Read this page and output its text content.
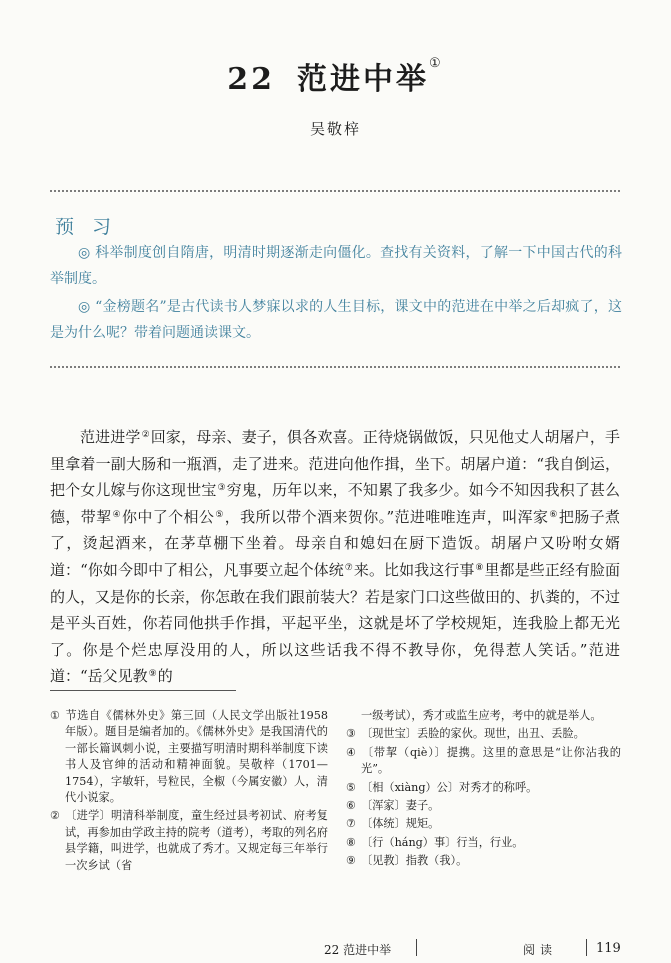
22 范进中举①
吴敬梓
预 习

◎ 科举制度创自隋唐，明清时期逐渐走向僵化。查找有关资料，了解一下中国古代的科举制度。

◎ “金榜题名”是古代读书人梦寐以求的人生目标，课文中的范进在中举之后却疯了，这是为什么呢？带着问题通读课文。

范进进学②回家，母亲、妻子，俱各欢喜。正待烧锅做饭，只见他丈人胡屠户，手里拿着一副大肠和一瓶酒，走了进来。范进向他作揖，坐下。胡屠户道：“我自倒运，把个女儿嫁与你这现世宝③穷鬼，历年以来，不知累了我多少。如今不知因我积了甚么德，带挈④你中了个相公⑤，我所以带个酒来贺你。”范进唯唯连声，叫浑家⑥把肠子煮了，烫起酒来，在茅草棚下坐着。母亲自和媳妇在厨下造饭。胡屠户又吩咐女婿道：“你如今即中了相公，凡事要立起个体统⑦来。比如我这行事⑧里都是些正经有脸面的人，又是你的长亲，你怎敢在我们跟前装大？若是家门口这些做田的、扒粪的，不过是平头百姓，你若同他拱手作揖，平起平坐，这就是坏了学校规矩，连我脸上都无光了。你是个烂忠厚没用的人，所以这些话我不得不教导你，免得惹人笑话。”范进道：“岳父见教⑨的

① 节选自《儒林外史》第三回（人民文学出版社1958年版）。题目是编者加的。《儒林外史》是我国清代的一部长篇讽刺小说，主要描写明清时期科举制度下读书人及官绅的活动和精神面貌。吴敬梓（1701—1754），字敏轩，号粒民，全椒（今属安徽）人，清代小说家。
② 〔进学〕明清科举制度，童生经过县考初试、府考复试，再参加由学政主持的院考（道考），考取的列名府县学籍，叫进学，也就成了秀才。又规定每三年举行一次乡试（省
一级考试），秀才或监生应考，考中的就是举人。
③ 〔现世宝〕丢脸的家伙。现世，出丑、丢脸。
④ 〔带挈（qiè）〕提携。这里的意思是“让你沾我的光”。
⑤ 〔相（xiàng）公〕对秀才的称呼。
⑥ 〔浑家〕妻子。
⑦ 〔体统〕规矩。
⑧ 〔行（háng）事〕行当，行业。
⑨ 〔见教〕指教（我）。
22 范进中举	阅读	119
